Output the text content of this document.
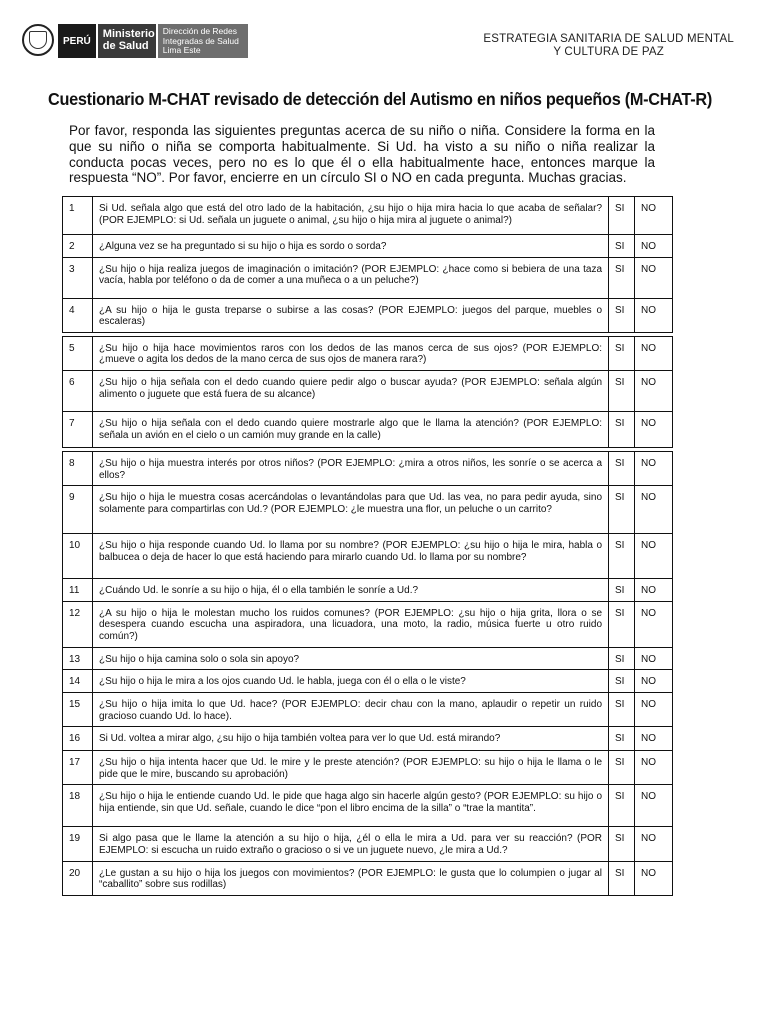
PERÚ
Ministerio
de Salud
Dirección de Redes
Integradas de Salud
Lima Este
ESTRATEGIA SANITARIA DE SALUD MENTAL
Y CULTURA DE PAZ
Cuestionario M-CHAT revisado de detección del Autismo en niños pequeños (M-CHAT-R)

Por favor, responda las siguientes preguntas acerca de su niño o niña. Considere la forma en la que su niño o niña se comporta habitualmente. Si Ud. ha visto a su niño o niña realizar la conducta pocas veces, pero no es lo que él o ella habitualmente hace, entonces marque la respuesta “NO”. Por favor, encierre en un círculo SI o NO en cada pregunta. Muchas gracias.

1	Si Ud. señala algo que está del otro lado de la habitación, ¿su hijo o hija mira hacia lo que acaba de señalar? (POR EJEMPLO: si Ud. señala un juguete o animal, ¿su hijo o hija mira al juguete o animal?)	SI	NO
2	¿Alguna vez se ha preguntado si su hijo o hija es sordo o sorda?	SI	NO
3	¿Su hijo o hija realiza juegos de imaginación o imitación? (POR EJEMPLO: ¿hace como si bebiera de una taza vacía, habla por teléfono o da de comer a una muñeca o a un peluche?)	SI	NO
4	¿A su hijo o hija le gusta treparse o subirse a las cosas? (POR EJEMPLO: juegos del parque, muebles o escaleras)	SI	NO

5	¿Su hijo o hija hace movimientos raros con los dedos de las manos cerca de sus ojos? (POR EJEMPLO: ¿mueve o agita los dedos de la mano cerca de sus ojos de manera rara?)	SI	NO
6	¿Su hijo o hija señala con el dedo cuando quiere pedir algo o buscar ayuda? (POR EJEMPLO: señala algún alimento o juguete que está fuera de su alcance)	SI	NO
7	¿Su hijo o hija señala con el dedo cuando quiere mostrarle algo que le llama la atención? (POR EJEMPLO: señala un avión en el cielo o un camión muy grande en la calle)	SI	NO

8	¿Su hijo o hija muestra interés por otros niños? (POR EJEMPLO: ¿mira a otros niños, les sonríe o se acerca a ellos?	SI	NO
9	¿Su hijo o hija le muestra cosas acercándolas o levantándolas para que Ud. las vea, no para pedir ayuda, sino solamente para compartirlas con Ud.? (POR EJEMPLO: ¿le muestra una flor, un peluche o un carrito?	SI	NO
10	¿Su hijo o hija responde cuando Ud. lo llama por su nombre? (POR EJEMPLO: ¿su hijo o hija le mira, habla o balbucea o deja de hacer lo que está haciendo para mirarlo cuando Ud. lo llama por su nombre?	SI	NO
11	¿Cuándo Ud. le sonríe a su hijo o hija, él o ella también le sonríe a Ud.?	SI	NO
12	¿A su hijo o hija le molestan mucho los ruidos comunes? (POR EJEMPLO: ¿su hijo o hija grita, llora o se desespera cuando escucha una aspiradora, una licuadora, una moto, la radio, música fuerte u otro ruido común?)	SI	NO
13	¿Su hijo o hija camina solo o sola sin apoyo?	SI	NO
14	¿Su hijo o hija le mira a los ojos cuando Ud. le habla, juega con él o ella o le viste?	SI	NO
15	¿Su hijo o hija imita lo que Ud. hace? (POR EJEMPLO: decir chau con la mano, aplaudir o repetir un ruido gracioso cuando Ud. lo hace).	SI	NO
16	Si Ud. voltea a mirar algo, ¿su hijo o hija también voltea para ver lo que Ud. está mirando?	SI	NO
17	¿Su hijo o hija intenta hacer que Ud. le mire y le preste atención? (POR EJEMPLO: su hijo o hija le llama o le pide que le mire, buscando su aprobación)	SI	NO
18	¿Su hijo o hija le entiende cuando Ud. le pide que haga algo sin hacerle algún gesto? (POR EJEMPLO: su hijo o hija entiende, sin que Ud. señale, cuando le dice “pon el libro encima de la silla” o “trae la mantita”.	SI	NO
19	Si algo pasa que le llame la atención a su hijo o hija, ¿él o ella le mira a Ud. para ver su reacción? (POR EJEMPLO: si escucha un ruido extraño o gracioso o si ve un juguete nuevo, ¿le mira a Ud.?	SI	NO
20	¿Le gustan a su hijo o hija los juegos con movimientos? (POR EJEMPLO: le gusta que lo columpien o jugar al “caballito” sobre sus rodillas)	SI	NO
